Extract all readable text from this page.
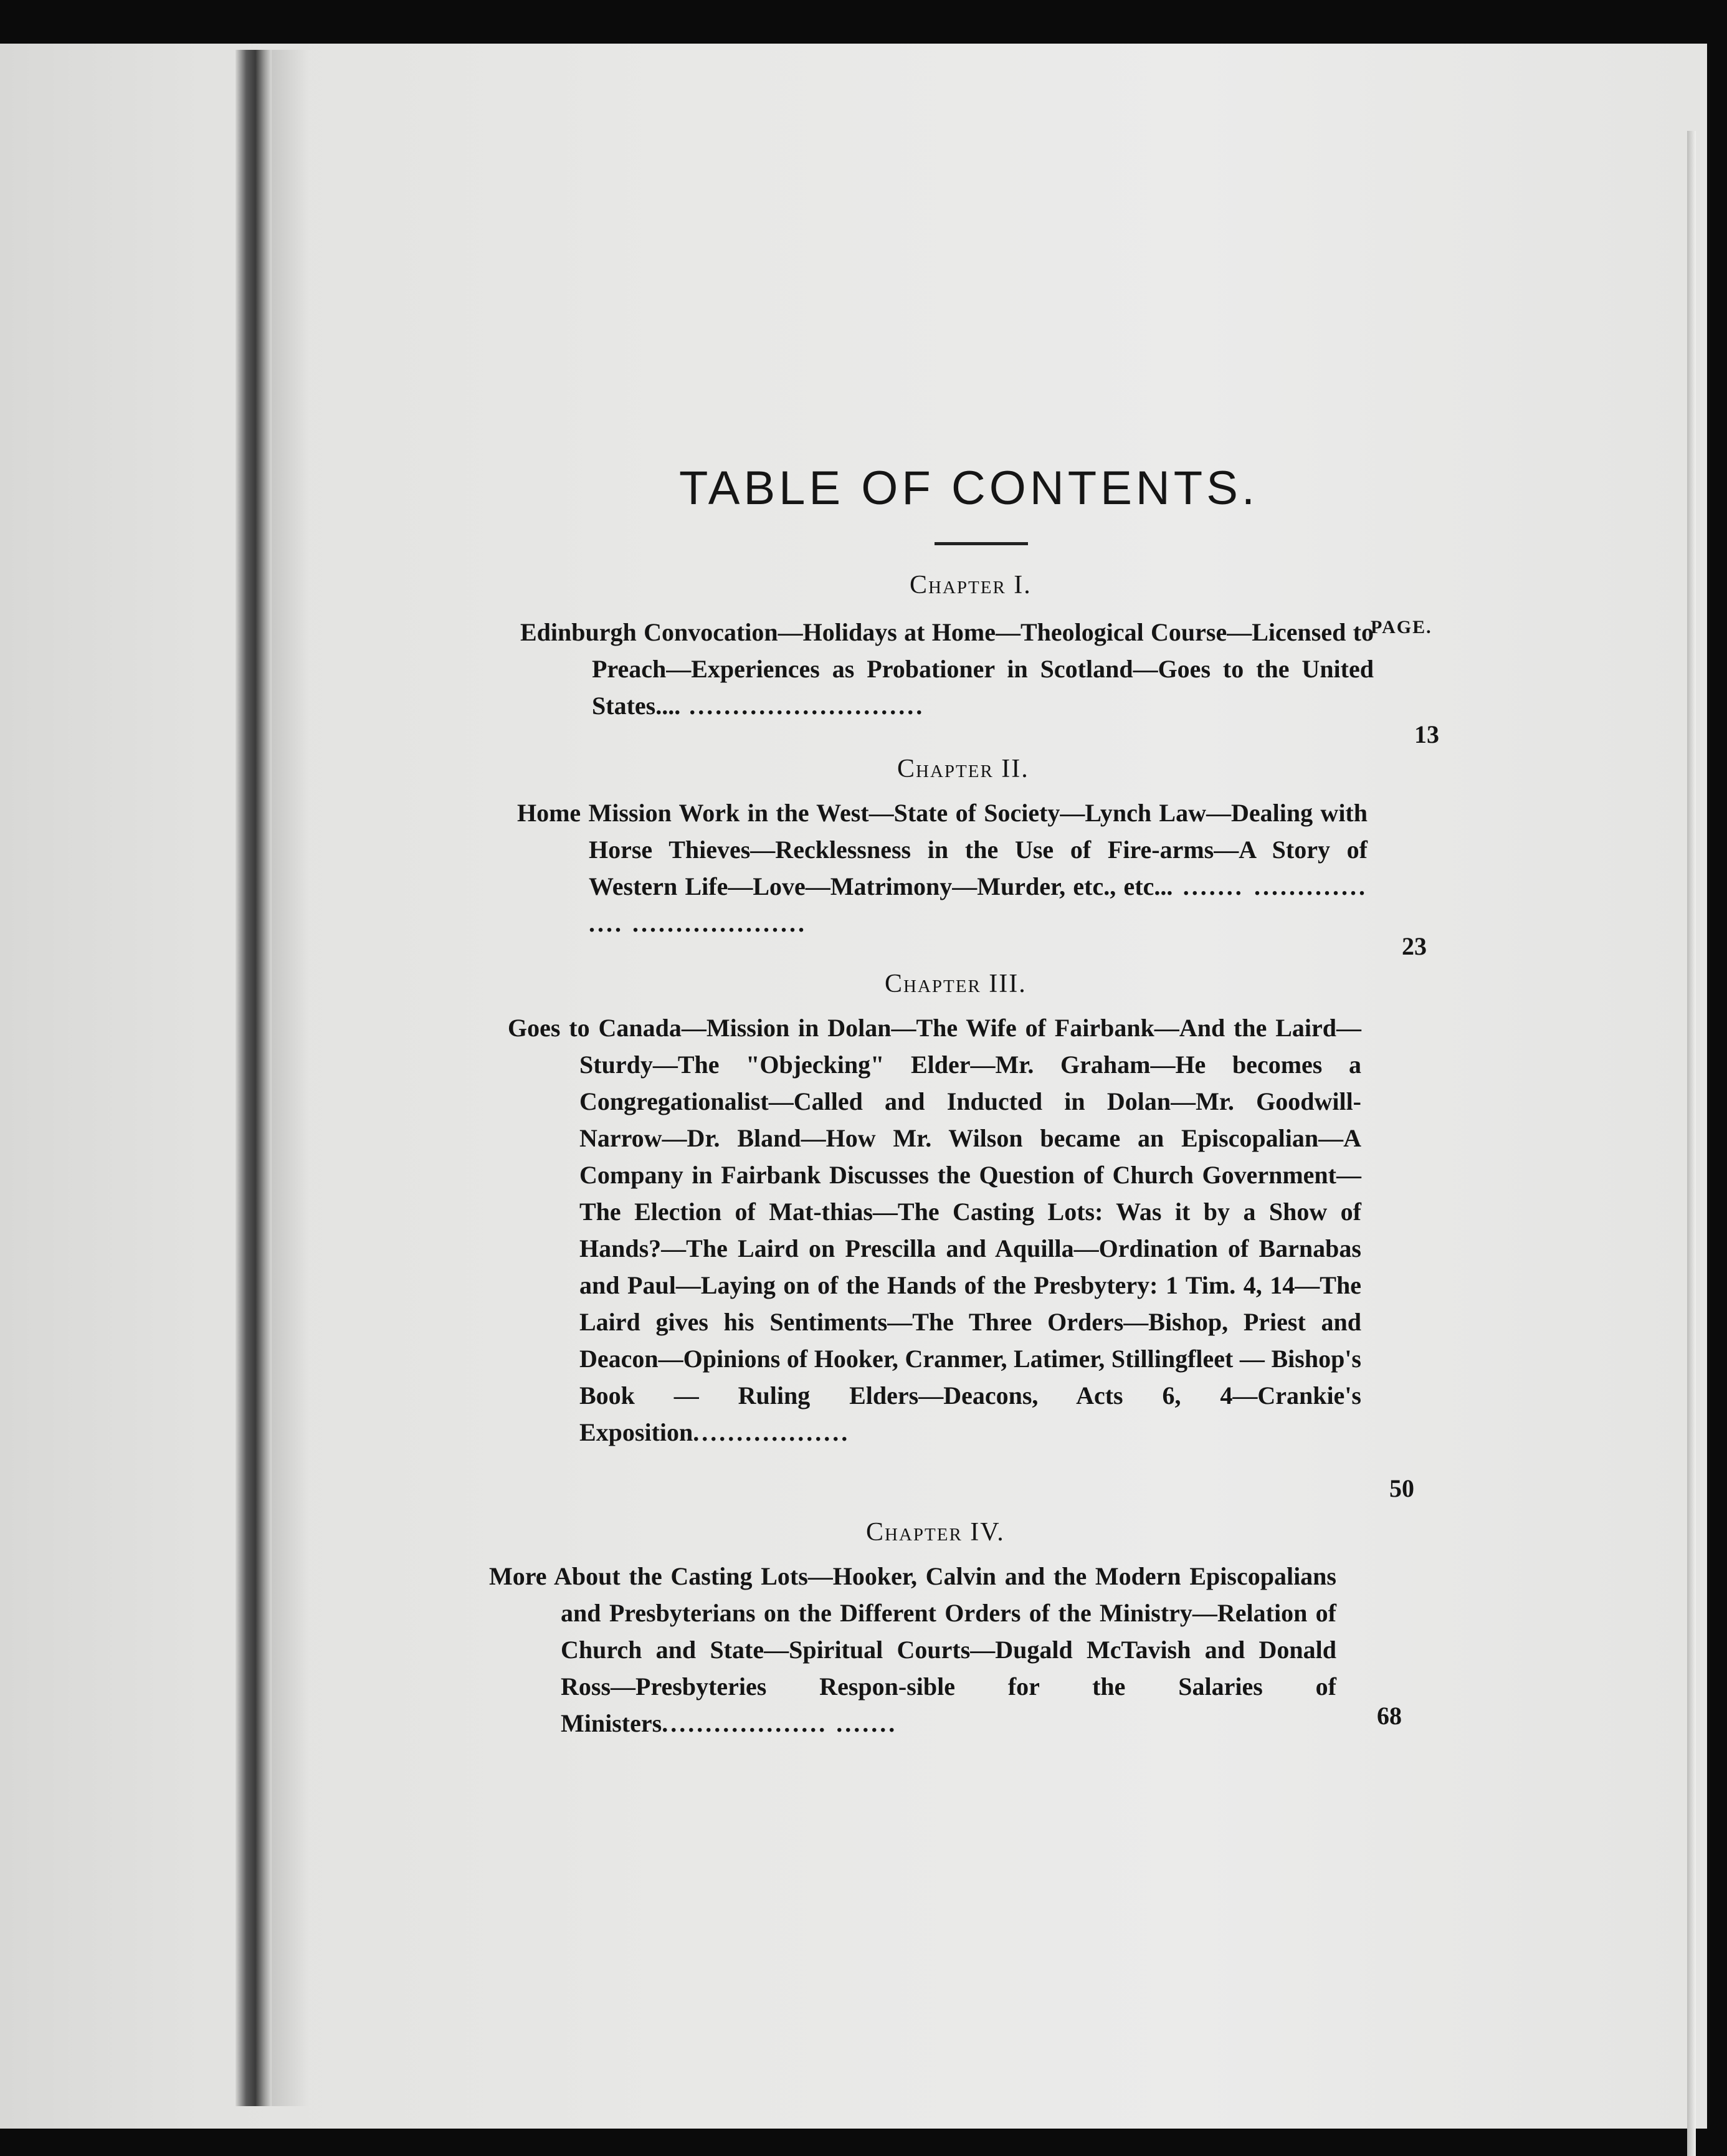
TABLE OF CONTENTS.
Chapter I.
PAGE.
Edinburgh Convocation—Holidays at Home—Theological Course—Licensed to Preach—Experiences as Probationer in Scotland—Goes to the United States.... ...........................
13
Chapter II.
Home Mission Work in the West—State of Society—Lynch Law—Dealing with Horse Thieves—Recklessness in the Use of Fire-arms—A Story of Western Life—Love—Matrimony—Murder, etc., etc... ....... ............. .... ....................
23
Chapter III.
Goes to Canada—Mission in Dolan—The Wife of Fairbank—And the Laird—Sturdy—The "Objecking" Elder—Mr. Graham—He becomes a Congregationalist—Called and Inducted in Dolan—Mr. Goodwill-Narrow—Dr. Bland—How Mr. Wilson became an Episcopalian—A Company in Fairbank Discusses the Question of Church Government—The Election of Mat-thias—The Casting Lots: Was it by a Show of Hands?—The Laird on Prescilla and Aquilla—Ordination of Barnabas and Paul—Laying on of the Hands of the Presbytery: 1 Tim. 4, 14—The Laird gives his Sentiments—The Three Orders—Bishop, Priest and Deacon—Opinions of Hooker, Cranmer, Latimer, Stillingfleet — Bishop's Book — Ruling Elders—Deacons, Acts 6, 4—Crankie's Exposition..................
50
Chapter IV.
More About the Casting Lots—Hooker, Calvin and the Modern Episcopalians and Presbyterians on the Different Orders of the Ministry—Relation of Church and State—Spiritual Courts—Dugald McTavish and Donald Ross—Presbyteries Respon-sible for the Salaries of Ministers................... .......	68
